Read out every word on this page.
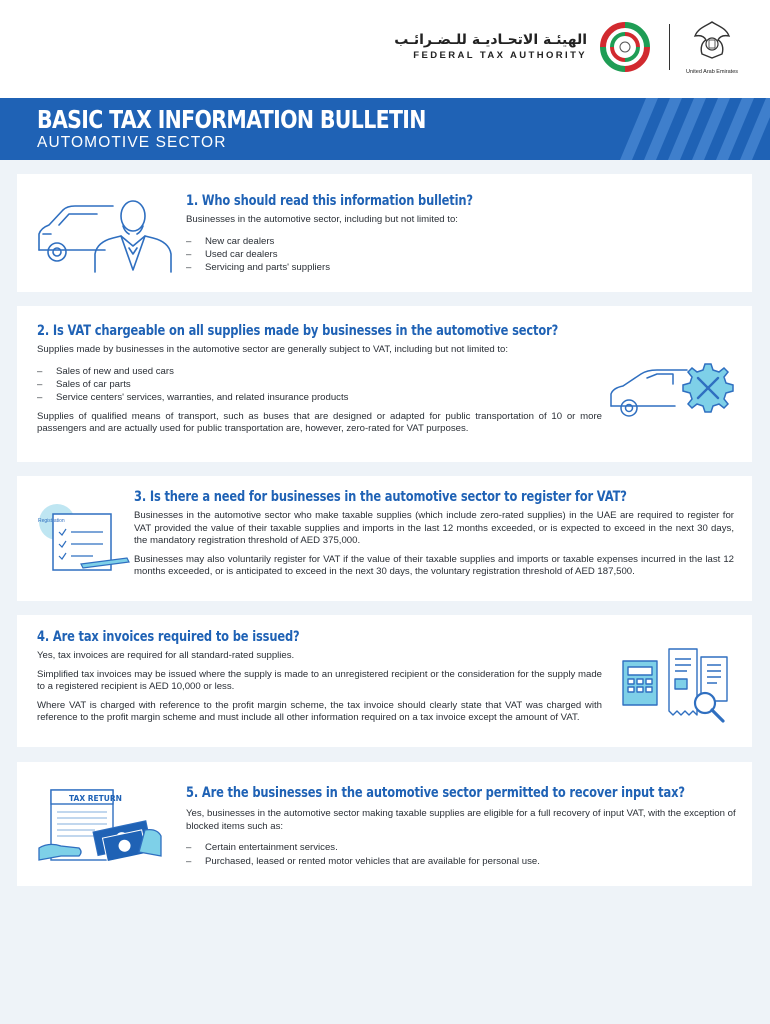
الهيئـة الاتحـاديـة للـضـرائـب
FEDERAL TAX AUTHORITY
United Arab Emirates
BASIC TAX INFORMATION BULLETIN
AUTOMOTIVE SECTOR
1. Who should read this information bulletin?
Businesses in the automotive sector, including but not limited to:
– New car dealers
– Used car dealers
– Servicing and parts' suppliers
2. Is VAT chargeable on all supplies made by businesses in the automotive sector?
Supplies made by businesses in the automotive sector are generally subject to VAT, including but not limited to:
– Sales of new and used cars
– Sales of car parts
– Service centers' services, warranties, and related insurance products
Supplies of qualified means of transport, such as buses that are designed or adapted for public transportation of 10 or more passengers and are actually used for public transportation are, however, zero-rated for VAT purposes.
Registration
3. Is there a need for businesses in the automotive sector to register for VAT?
Businesses in the automotive sector who make taxable supplies (which include zero-rated supplies) in the UAE are required to register for VAT provided the value of their taxable supplies and imports in the last 12 months exceeded, or is expected to exceed in the next 30 days, the mandatory registration threshold of AED 375,000.
Businesses may also voluntarily register for VAT if the value of their taxable supplies and imports or taxable expenses incurred in the last 12 months exceeded, or is anticipated to exceed in the next 30 days, the voluntary registration threshold of AED 187,500.
4. Are tax invoices required to be issued?
Yes, tax invoices are required for all standard-rated supplies.
Simplified tax invoices may be issued where the supply is made to an unregistered recipient or the consideration for the supply made to a registered recipient is AED 10,000 or less.
Where VAT is charged with reference to the profit margin scheme, the tax invoice should clearly state that VAT was charged with reference to the profit margin scheme and must include all other information required on a tax invoice except the amount of VAT.
TAX RETURN	5. Are the businesses in the automotive sector permitted to recover input tax?
Yes, businesses in the automotive sector making taxable supplies are eligible for a full recovery of input VAT, with the exception of blocked items such as:
– Certain entertainment services.
– Purchased, leased or rented motor vehicles that are available for personal use.
